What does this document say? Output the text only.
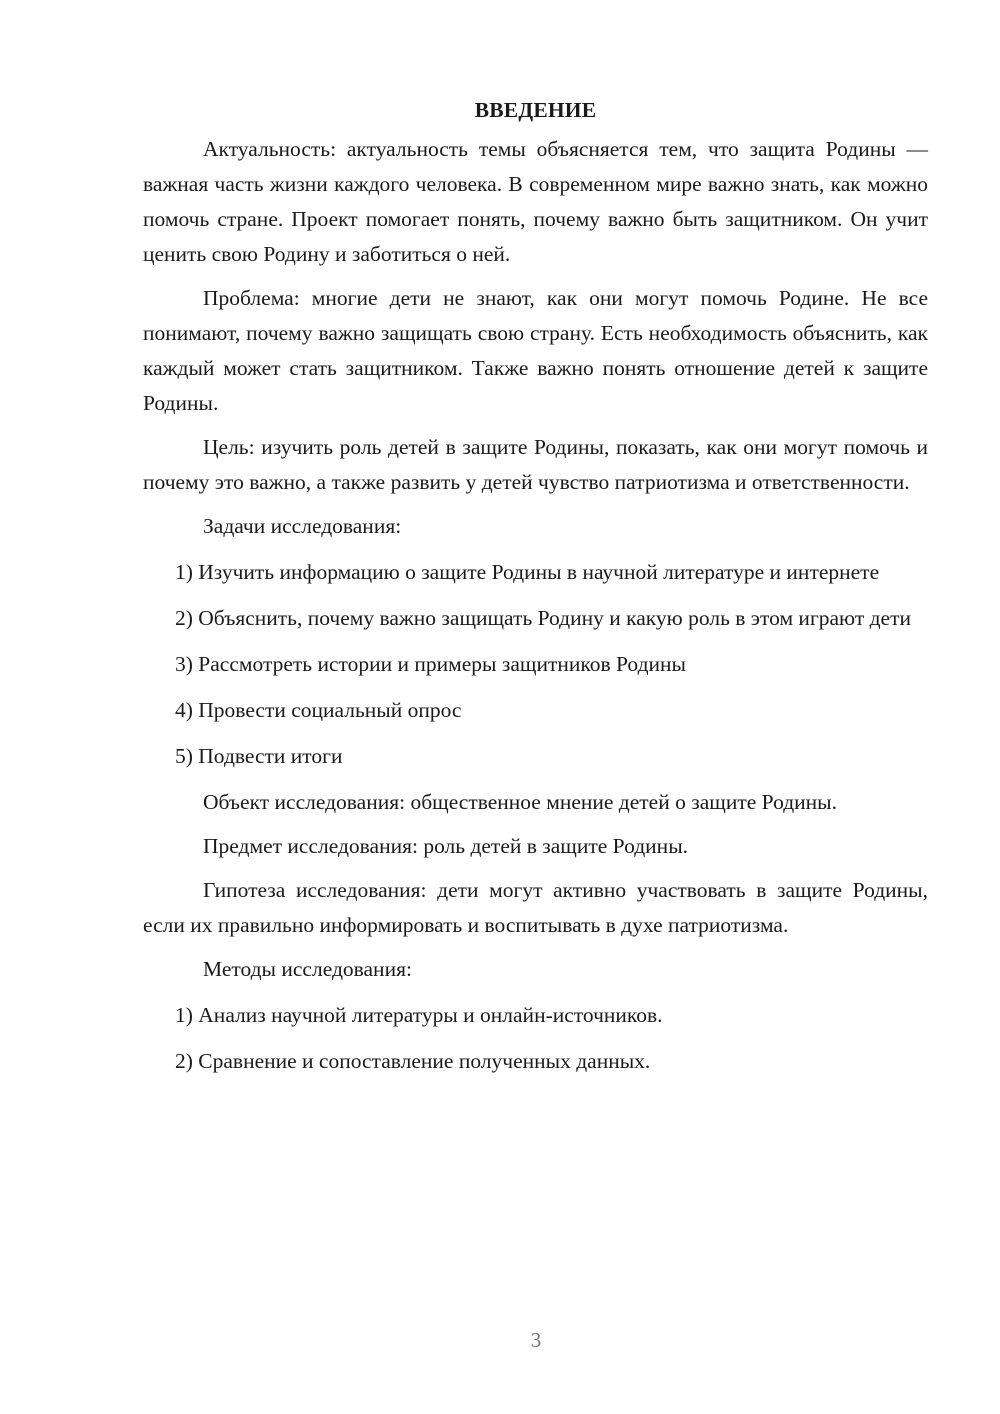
ВВЕДЕНИЕ

Актуальность: актуальность темы объясняется тем, что защита Родины — важная часть жизни каждого человека. В современном мире важно знать, как можно помочь стране. Проект помогает понять, почему важно быть защитником. Он учит ценить свою Родину и заботиться о ней.

Проблема: многие дети не знают, как они могут помочь Родине. Не все понимают, почему важно защищать свою страну. Есть необходимость объяснить, как каждый может стать защитником. Также важно понять отношение детей к защите Родины.

Цель: изучить роль детей в защите Родины, показать, как они могут помочь и почему это важно, а также развить у детей чувство патриотизма и ответственности.

Задачи исследования:

1) Изучить информацию о защите Родины в научной литературе и интернете

2) Объяснить, почему важно защищать Родину и какую роль в этом играют дети

3) Рассмотреть истории и примеры защитников Родины

4) Провести социальный опрос

5) Подвести итоги

Объект исследования: общественное мнение детей о защите Родины.

Предмет исследования: роль детей в защите Родины.

Гипотеза исследования: дети могут активно участвовать в защите Родины, если их правильно информировать и воспитывать в духе патриотизма.

Методы исследования:

1) Анализ научной литературы и онлайн-источников.

2) Сравнение и сопоставление полученных данных.

3
